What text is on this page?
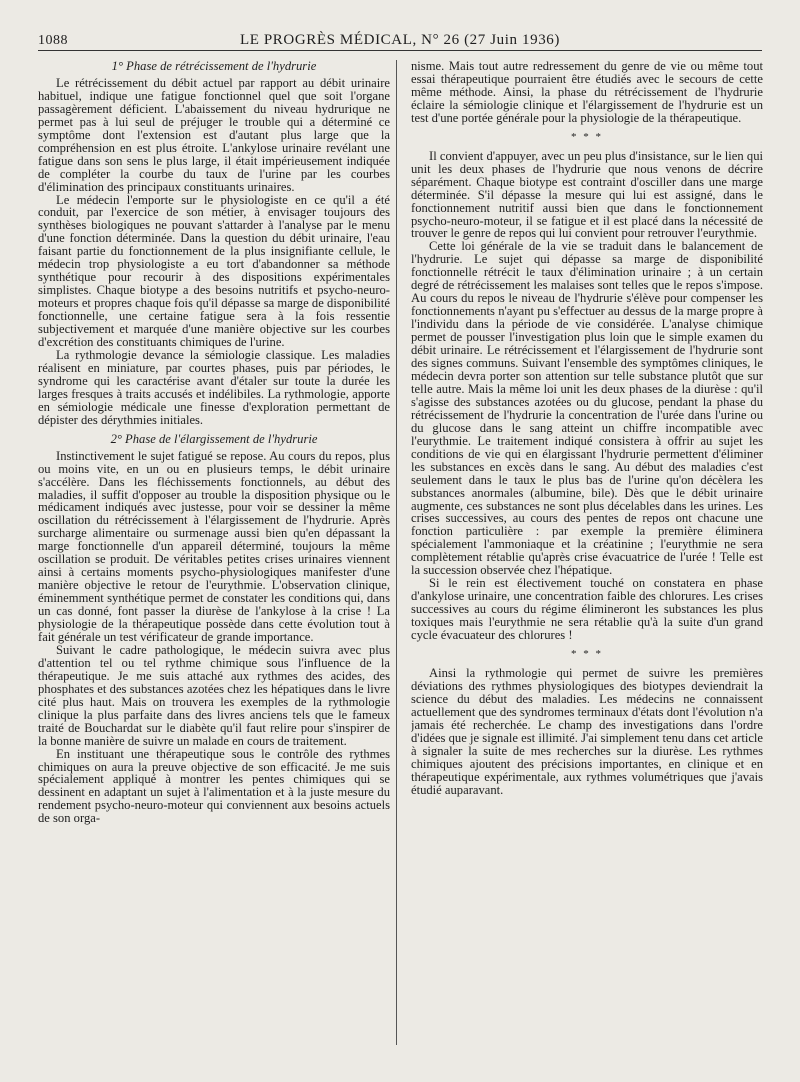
1088	LE PROGRÈS MÉDICAL, N° 26 (27 Juin 1936)
1° Phase de rétrécissement de l'hydrurie

Le rétrécissement du débit actuel par rapport au débit urinaire habituel, indique une fatigue fonctionnel quel que soit l'organe passagèrement déficient. L'abaissement du niveau hydrurique ne permet pas à lui seul de préjuger le trouble qui a déterminé ce symptôme dont l'extension est d'autant plus large que la compréhension en est plus étroite. L'ankylose urinaire revélant une fatigue dans son sens le plus large, il était impérieusement indiquée de compléter la courbe du taux de l'urine par les courbes d'élimination des principaux constituants urinaires.

Le médecin l'emporte sur le physiologiste en ce qu'il a été conduit, par l'exercice de son métier, à envisager toujours des synthèses biologiques ne pouvant s'attarder à l'analyse par le menu d'une fonction déterminée. Dans la question du débit urinaire, l'eau faisant partie du fonctionnement de la plus insignifiante cellule, le médecin trop physiologiste a eu tort d'abandonner sa méthode synthétique pour recourir à des dispositions expérimentales simplistes. Chaque biotype a des besoins nutritifs et psycho-neuro-moteurs et propres chaque fois qu'il dépasse sa marge de disponibilité fonctionnelle, une certaine fatigue sera à la fois ressentie subjectivement et marquée d'une manière objective sur les courbes d'excrétion des constituants chimiques de l'urine.

La rythmologie devance la sémiologie classique. Les maladies réalisent en miniature, par courtes phases, puis par périodes, le syndrome qui les caractérise avant d'étaler sur toute la durée les larges fresques à traits accusés et indélibiles. La rythmologie, apporte en sémiologie médicale une finesse d'exploration permettant de dépister des dérythmies initiales.

2° Phase de l'élargissement de l'hydrurie

Instinctivement le sujet fatigué se repose. Au cours du repos, plus ou moins vite, en un ou en plusieurs temps, le débit urinaire s'accélère. Dans les fléchissements fonctionnels, au début des maladies, il suffit d'opposer au trouble la disposition physique ou le médicament indiqués avec justesse, pour voir se dessiner la même oscillation du rétrécissement à l'élargissement de l'hydrurie. Après surcharge alimentaire ou surmenage aussi bien qu'en dépassant la marge fonctionnelle d'un appareil déterminé, toujours la même oscillation se produit. De véritables petites crises urinaires viennent ainsi à certains moments psycho-physiologiques manifester d'une manière objective le retour de l'eurythmie. L'observation clinique, éminemment synthétique permet de constater les conditions qui, dans un cas donné, font passer la diurèse de l'ankylose à la crise ! La physiologie de la thérapeutique possède dans cette évolution tout à fait générale un test vérificateur de grande importance.

Suivant le cadre pathologique, le médecin suivra avec plus d'attention tel ou tel rythme chimique sous l'influence de la thérapeutique. Je me suis attaché aux rythmes des acides, des phosphates et des substances azotées chez les hépatiques dans le livre cité plus haut. Mais on trouvera les exemples de la rythmologie clinique la plus parfaite dans des livres anciens tels que le fameux traité de Bouchardat sur le diabète qu'il faut relire pour s'inspirer de la bonne manière de suivre un malade en cours de traitement.

En instituant une thérapeutique sous le contrôle des rythmes chimiques on aura la preuve objective de son efficacité. Je me suis spécialement appliqué à montrer les pentes chimiques qui se dessinent en adaptant un sujet à l'alimentation et à la juste mesure du rendement psycho-neuro-moteur qui conviennent aux besoins actuels de son orga-

nisme. Mais tout autre redressement du genre de vie ou même tout essai thérapeutique pourraient être étudiés avec le secours de cette même méthode. Ainsi, la phase du rétrécissement de l'hydrurie éclaire la sémiologie clinique et l'élargissement de l'hydrurie est un test d'une portée générale pour la physiologie de la thérapeutique.

* * *

Il convient d'appuyer, avec un peu plus d'insistance, sur le lien qui unit les deux phases de l'hydrurie que nous venons de décrire séparément. Chaque biotype est contraint d'osciller dans une marge déterminée. S'il dépasse la mesure qui lui est assigné, dans le fonctionnement nutritif aussi bien que dans le fonctionnement psycho-neuro-moteur, il se fatigue et il est placé dans la nécessité de trouver le genre de repos qui lui convient pour retrouver l'eurythmie.

Cette loi générale de la vie se traduit dans le balancement de l'hydrurie. Le sujet qui dépasse sa marge de disponibilité fonctionnelle rétrécit le taux d'élimination urinaire ; à un certain degré de rétrécissement les malaises sont telles que le repos s'impose. Au cours du repos le niveau de l'hydrurie s'élève pour compenser les fonctionnements n'ayant pu s'effectuer au dessus de la marge propre à l'individu dans la période de vie considérée. L'analyse chimique permet de pousser l'investigation plus loin que le simple examen du débit urinaire. Le rétrécissement et l'élargissement de l'hydrurie sont des signes communs. Suivant l'ensemble des symptômes cliniques, le médecin devra porter son attention sur telle substance plutôt que sur telle autre. Mais la même loi unit les deux phases de la diurèse : qu'il s'agisse des substances azotées ou du glucose, pendant la phase du rétrécissement de l'hydrurie la concentration de l'urée dans l'urine ou du glucose dans le sang atteint un chiffre incompatible avec l'eurythmie. Le traitement indiqué consistera à offrir au sujet les conditions de vie qui en élargissant l'hydrurie permettent d'éliminer les substances en excès dans le sang. Au début des maladies c'est seulement dans le taux le plus bas de l'urine qu'on décèlera les substances anormales (albumine, bile). Dès que le débit urinaire augmente, ces substances ne sont plus décelables dans les urines. Les crises successives, au cours des pentes de repos ont chacune une fonction particulière : par exemple la première éliminera spécialement l'ammoniaque et la créatinine ; l'eurythmie ne sera complètement rétablie qu'après crise évacuatrice de l'urée ! Telle est la succession observée chez l'hépatique.

Si le rein est électivement touché on constatera en phase d'ankylose urinaire, une concentration faible des chlorures. Les crises successives au cours du régime élimineront les substances les plus toxiques mais l'eurythmie ne sera rétablie qu'à la suite d'un grand cycle évacuateur des chlorures !

* * *

Ainsi la rythmologie qui permet de suivre les premières déviations des rythmes physiologiques des biotypes deviendrait la science du début des maladies. Les médecins ne connaissent actuellement que des syndromes terminaux d'états dont l'évolution n'a jamais été recherchée. Le champ des investigations dans l'ordre d'idées que je signale est illimité. J'ai simplement tenu dans cet article à signaler la suite de mes recherches sur la diurèse. Les rythmes chimiques ajoutent des précisions importantes, en clinique et en thérapeutique expérimentale, aux rythmes volumétriques que j'avais étudié auparavant.
